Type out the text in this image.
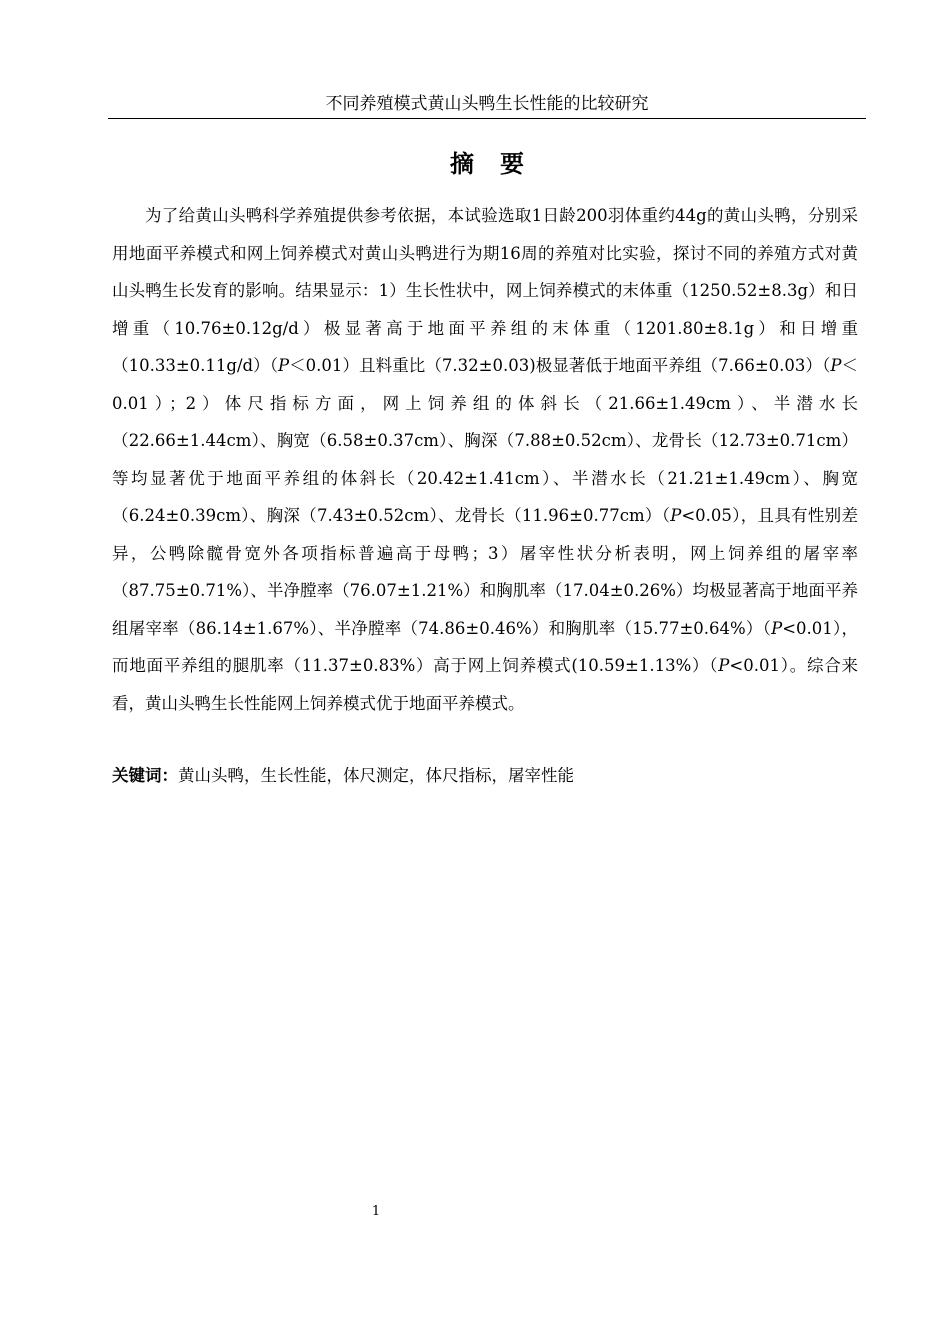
不同养殖模式黄山头鸭生长性能的比较研究
摘 要

为了给黄山头鸭科学养殖提供参考依据，本试验选取1日龄200羽体重约44g的黄山头鸭，分别采用地面平养模式和网上饲养模式对黄山头鸭进行为期16周的养殖对比实验，探讨不同的养殖方式对黄山头鸭生长发育的影响。结果显示：1）生长性状中，网上饲养模式的末体重（1250.52±8.3g）和日增重（10.76±0.12g/d）极显著高于地面平养组的末体重（1201.80±8.1g）和日增重（10.33±0.11g/d）（P＜0.01）且料重比（7.32±0.03)极显著低于地面平养组（7.66±0.03）（P＜0.01）；2）体尺指标方面，网上饲养组的体斜长（21.66±1.49cm）、半潜水长（22.66±1.44cm）、胸宽（6.58±0.37cm）、胸深（7.88±0.52cm）、龙骨长（12.73±0.71cm）等均显著优于地面平养组的体斜长（20.42±1.41cm）、半潜水长（21.21±1.49cm）、胸宽（6.24±0.39cm）、胸深（7.43±0.52cm）、龙骨长（11.96±0.77cm）（P<0.05），且具有性别差异，公鸭除髋骨宽外各项指标普遍高于母鸭；3）屠宰性状分析表明，网上饲养组的屠宰率（87.75±0.71%）、半净膛率（76.07±1.21%）和胸肌率（17.04±0.26%）均极显著高于地面平养组屠宰率（86.14±1.67%）、半净膛率（74.86±0.46%）和胸肌率（15.77±0.64%）（P<0.01），而地面平养组的腿肌率（11.37±0.83%）高于网上饲养模式(10.59±1.13%）（P<0.01）。综合来看，黄山头鸭生长性能网上饲养模式优于地面平养模式。

关键词：黄山头鸭，生长性能，体尺测定，体尺指标，屠宰性能

1
